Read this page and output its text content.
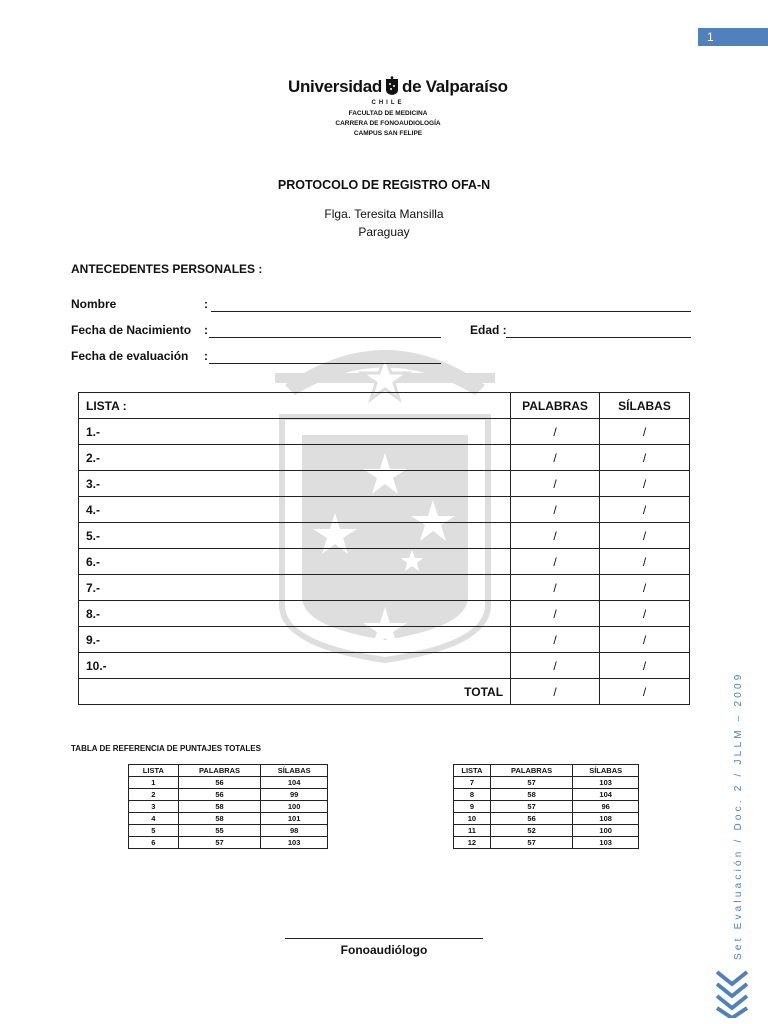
1
Universidad de Valparaíso
CHILE
FACULTAD DE MEDICINA
CARRERA DE FONOAUDIOLOGÍA
CAMPUS SAN FELIPE
PROTOCOLO DE REGISTRO OFA-N
Flga. Teresita Mansilla
Paraguay
ANTECEDENTES PERSONALES :
Nombre	:
Fecha de Nacimiento :	Edad :
Fecha de evaluación :
LISTA :	PALABRAS	SÍLABAS
1.-	/	/
2.-	/	/
3.-	/	/
4.-	/	/
5.-	/	/
6.-	/	/
7.-	/	/
8.-	/	/
9.-	/	/
10.-	/	/
TOTAL	/	/
TABLA DE REFERENCIA DE PUNTAJES TOTALES
LISTA	PALABRAS	SÍLABAS
1	56	104
2	56	99
3	58	100
4	58	101
5	55	98
6	57	103
LISTA	PALABRAS	SÍLABAS
7	57	103
8	58	104
9	57	96
10	56	108
11	52	100
12	57	103
Fonoaudiólogo	Set Evaluación / Doc. 2 / JLLM – 2009
